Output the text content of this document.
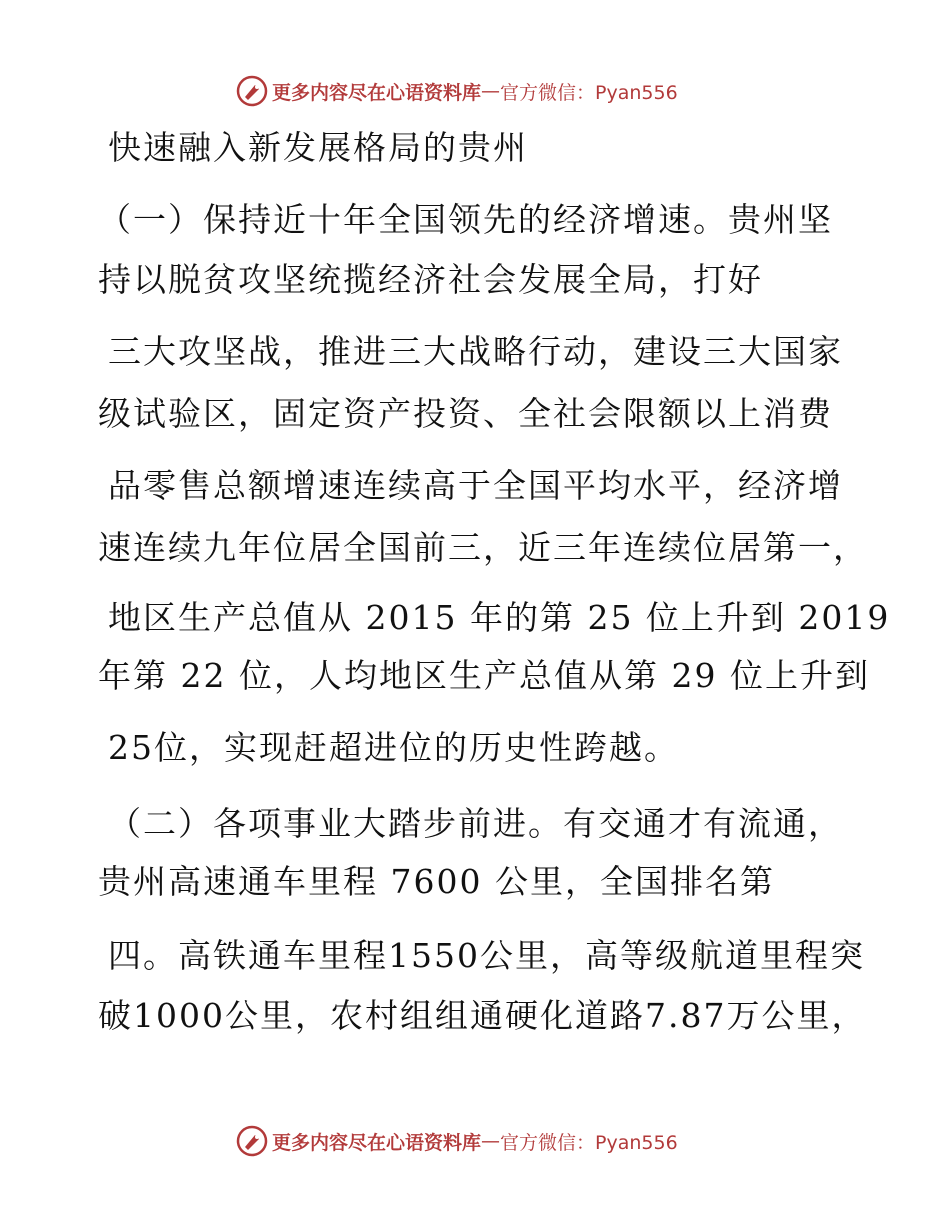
更多内容尽在心语资料库 — 官方微信：Pyan556
快速融入新发展格局的贵州
（一）保持近十年全国领先的经济增速。贵州坚
持以脱贫攻坚统揽经济社会发展全局，打好
三大攻坚战，推进三大战略行动，建设三大国家
级试验区，固定资产投资、全社会限额以上消费
品零售总额增速连续高于全国平均水平，经济增
速连续九年位居全国前三，近三年连续位居第一，
地区生产总值从 2015 年的第 25 位上升到 2019
年第 22 位，人均地区生产总值从第 29 位上升到
25位，实现赶超进位的历史性跨越。
（二）各项事业大踏步前进。有交通才有流通，
贵州高速通车里程 7600 公里，全国排名第
四。高铁通车里程1550公里，高等级航道里程突
破1000公里，农村组组通硬化道路7.87万公里，
更多内容尽在心语资料库 — 官方微信：Pyan556
